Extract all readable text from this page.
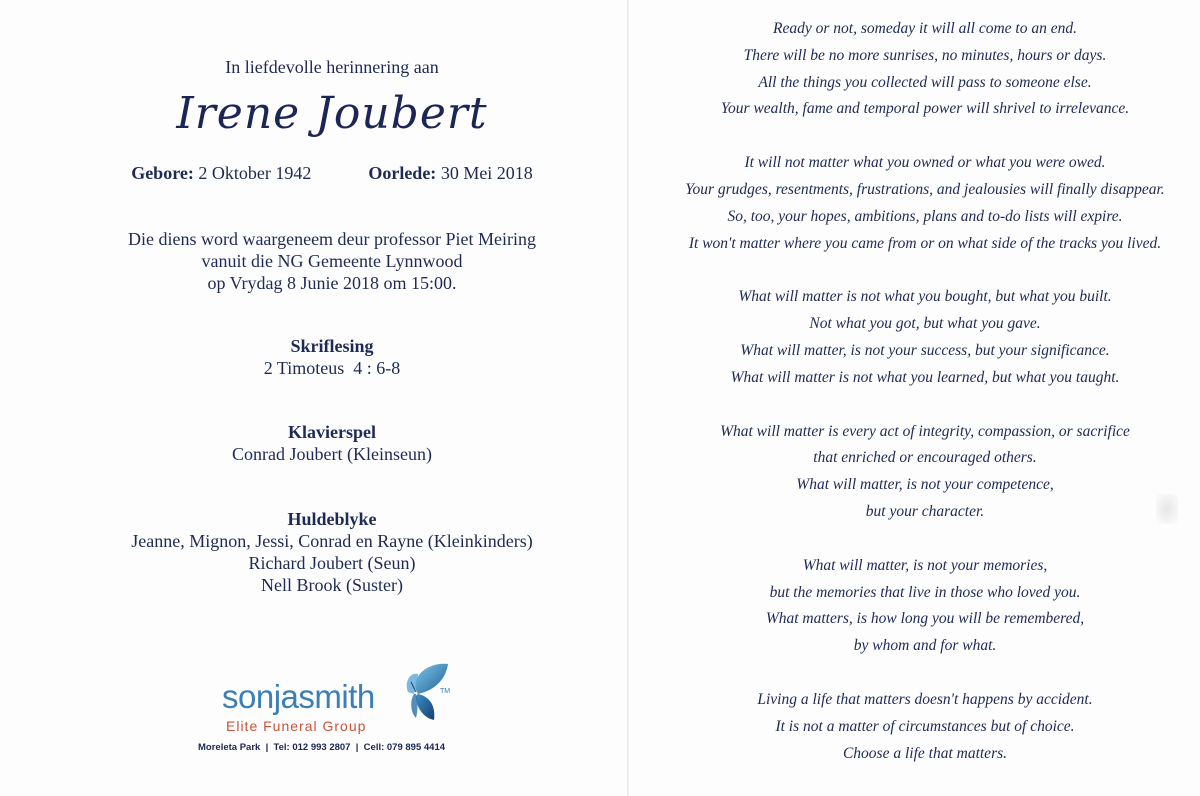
In liefdevolle herinnering aan
Irene Joubert
Gebore: 2 Oktober 1942	Oorlede: 30 Mei 2018
Die diens word waargeneem deur professor Piet Meiring
vanuit die NG Gemeente Lynnwood
op Vrydag 8 Junie 2018 om 15:00.
Skriflesing
2 Timoteus  4 : 6-8
Klavierspel
Conrad Joubert (Kleinseun)
Huldeblyke
Jeanne, Mignon, Jessi, Conrad en Rayne (Kleinkinders)
Richard Joubert (Seun)
Nell Brook (Suster)
sonjasmith	TM
Elite Funeral Group
Moreleta Park  |  Tel: 012 993 2807  |  Cell: 079 895 4414
Ready or not, someday it will all come to an end.
There will be no more sunrises, no minutes, hours or days.
All the things you collected will pass to someone else.
Your wealth, fame and temporal power will shrivel to irrelevance.
It will not matter what you owned or what you were owed.
Your grudges, resentments, frustrations, and jealousies will finally disappear.
So, too, your hopes, ambitions, plans and to-do lists will expire.
It won't matter where you came from or on what side of the tracks you lived.
What will matter is not what you bought, but what you built.
Not what you got, but what you gave.
What will matter, is not your success, but your significance.
What will matter is not what you learned, but what you taught.
What will matter is every act of integrity, compassion, or sacrifice
that enriched or encouraged others.
What will matter, is not your competence,
but your character.
What will matter, is not your memories,
but the memories that live in those who loved you.
What matters, is how long you will be remembered,
by whom and for what.
Living a life that matters doesn't happens by accident.
It is not a matter of circumstances but of choice.
Choose a life that matters.
